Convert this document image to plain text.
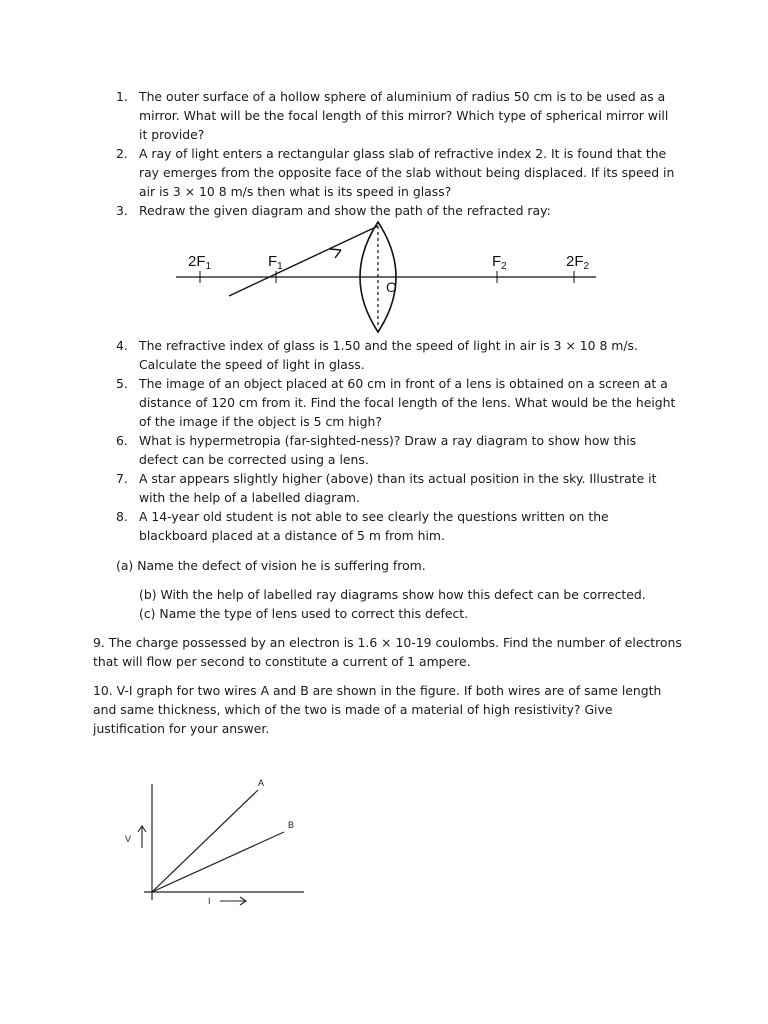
1. The outer surface of a hollow sphere of aluminium of radius 50 cm is to be used as a mirror. What will be the focal length of this mirror? Which type of spherical mirror will it provide?
2. A ray of light enters a rectangular glass slab of refractive index 2. It is found that the ray emerges from the opposite face of the slab without being displaced. If its speed in air is 3 × 10 8 m/s then what is its speed in glass?
3. Redraw the given diagram and show the path of the refracted ray:
$2F_1$	$F_1$
O
$F_2$	$2F_2$
4. The refractive index of glass is 1.50 and the speed of light in air is 3 × 10 8 m/s. Calculate the speed of light in glass.
5. The image of an object placed at 60 cm in front of a lens is obtained on a screen at a distance of 120 cm from it. Find the focal length of the lens. What would be the height of the image if the object is 5 cm high?
6. What is hypermetropia (far-sighted-ness)? Draw a ray diagram to show how this defect can be corrected using a lens.
7. A star appears slightly higher (above) than its actual position in the sky. Illustrate it with the help of a labelled diagram.
8. A 14-year old student is not able to see clearly the questions written on the blackboard placed at a distance of 5 m from him.
(a) Name the defect of vision he is suffering from.
(b) With the help of labelled ray diagrams show how this defect can be corrected.
(c) Name the type of lens used to correct this defect.
9. The charge possessed by an electron is 1.6 × 10-19 coulombs. Find the number of electrons that will flow per second to constitute a current of 1 ampere.
10. V-I graph for two wires A and B are shown in the figure. If both wires are of same length and same thickness, which of the two is made of a material of high resistivity? Give justification for your answer.
A
B
V
I
